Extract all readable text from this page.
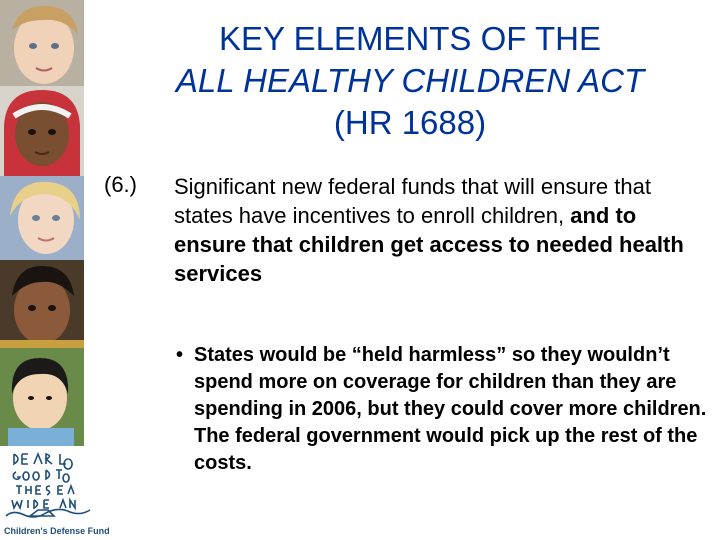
Children's Defense Fund
KEY ELEMENTS OF THE
ALL HEALTHY CHILDREN ACT
(HR 1688)
(6.) Significant new federal funds that will ensure that states have incentives to enroll children, and to ensure that children get access to needed health services
• States would be “held harmless” so they wouldn’t spend more on coverage for children than they are spending in 2006, but they could cover more children. The federal government would pick up the rest of the costs.
